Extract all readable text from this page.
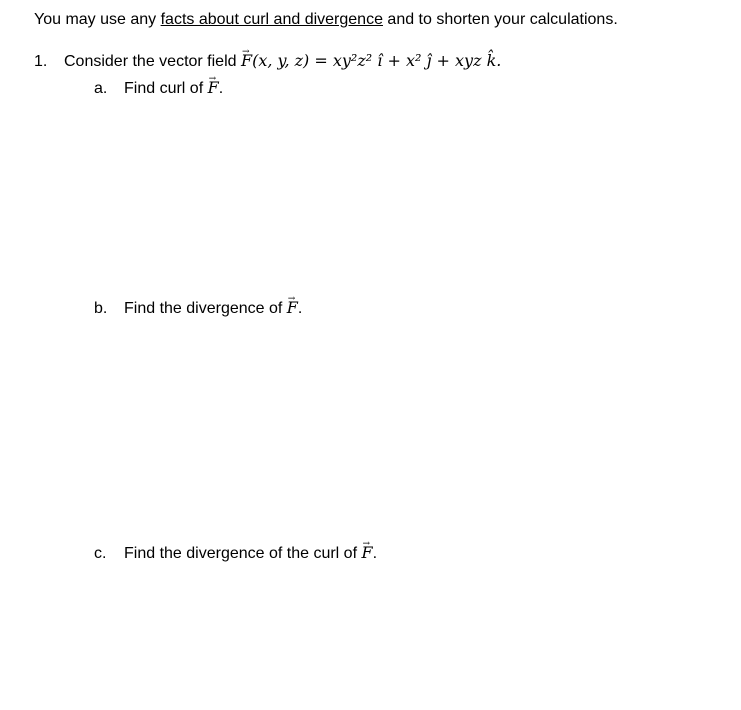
You may use any facts about curl and divergence and to shorten your calculations.
1. Consider the vector field → F(x, y, z) = xy²z² î + x² ĵ + xyz k̂.
a. Find curl of → F.
b. Find the divergence of → F.
c. Find the divergence of the curl of → F.
